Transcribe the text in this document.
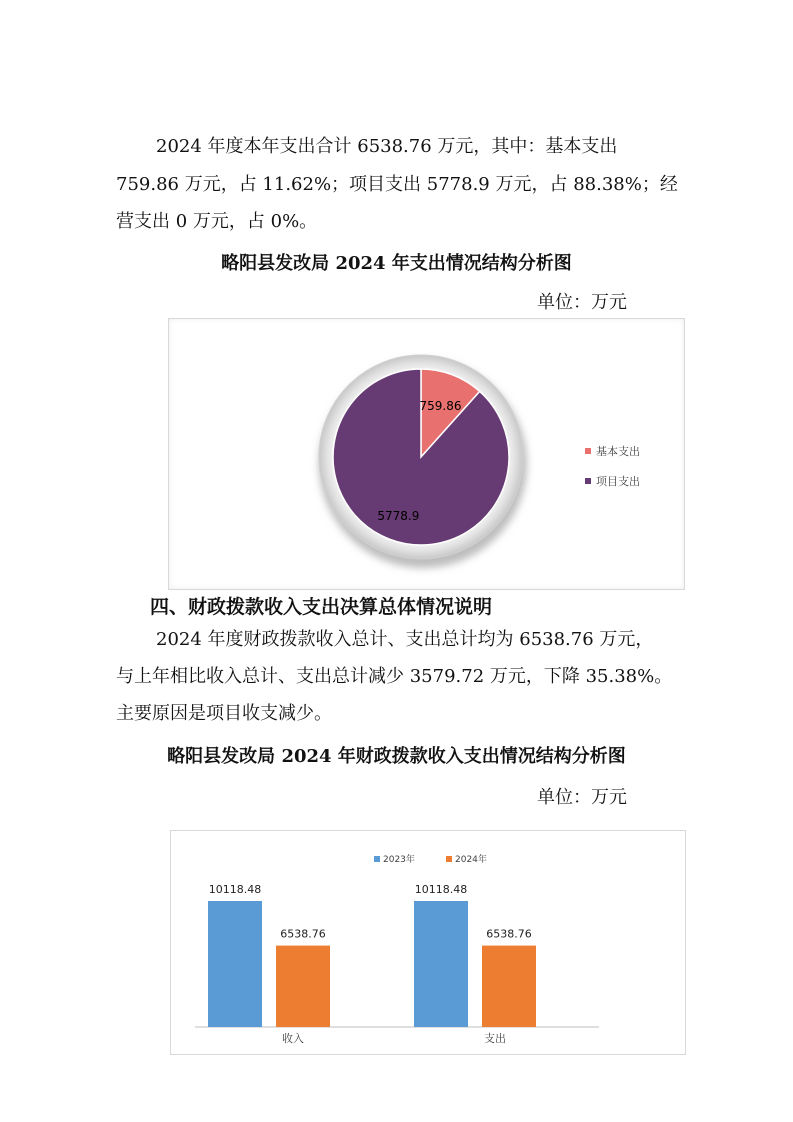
2024 年度本年支出合计 6538.76 万元，其中：基本支出
759.86 万元，占 11.62%；项目支出 5778.9 万元，占 88.38%；经
营支出 0 万元，占 0%。
略阳县发改局 2024 年支出情况结构分析图
单位：万元
759.86
5778.9
基本支出
项目支出
四、财政拨款收入支出决算总体情况说明
2024 年度财政拨款收入总计、支出总计均为 6538.76 万元，
与上年相比收入总计、支出总计减少 3579.72 万元，下降 35.38%。
主要原因是项目收支减少。
略阳县发改局 2024 年财政拨款收入支出情况结构分析图
单位：万元
2023年	2024年
10118.48
6538.76
10118.48
6538.76
收入	支出
